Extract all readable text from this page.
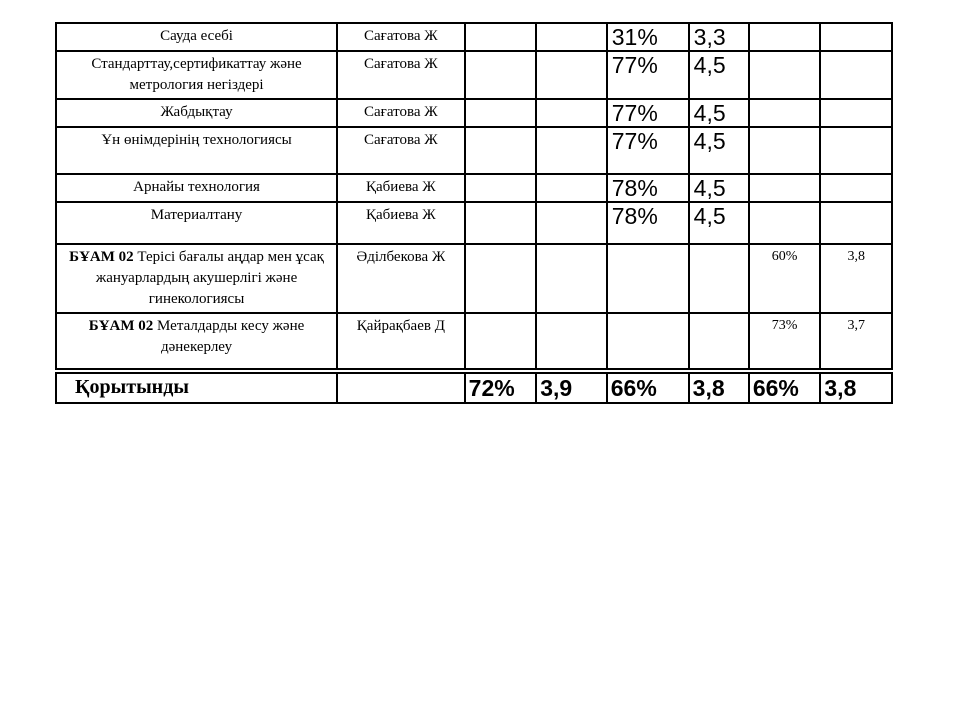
Сауда есебі	Сағатова Ж			31%	3,3		
Стандарттау,сертификаттау және метрология негіздері	Сағатова Ж			77%	4,5		
Жабдықтау	Сағатова Ж			77%	4,5		
Ұн өнімдерінің технологиясы	Сағатова Ж			77%	4,5		
Арнайы технология	Қабиева Ж			78%	4,5		
Материалтану	Қабиева Ж			78%	4,5		
БҰАМ 02 Терісі бағалы аңдар мен ұсақ жануарлардың акушерлігі және гинекологиясы	Әділбекова Ж					60%	3,8
БҰАМ 02 Металдарды кесу және дәнекерлеу	Қайрақбаев Д					73%	3,7
Қорытынды		72%	3,9	66%	3,8	66%	3,8
